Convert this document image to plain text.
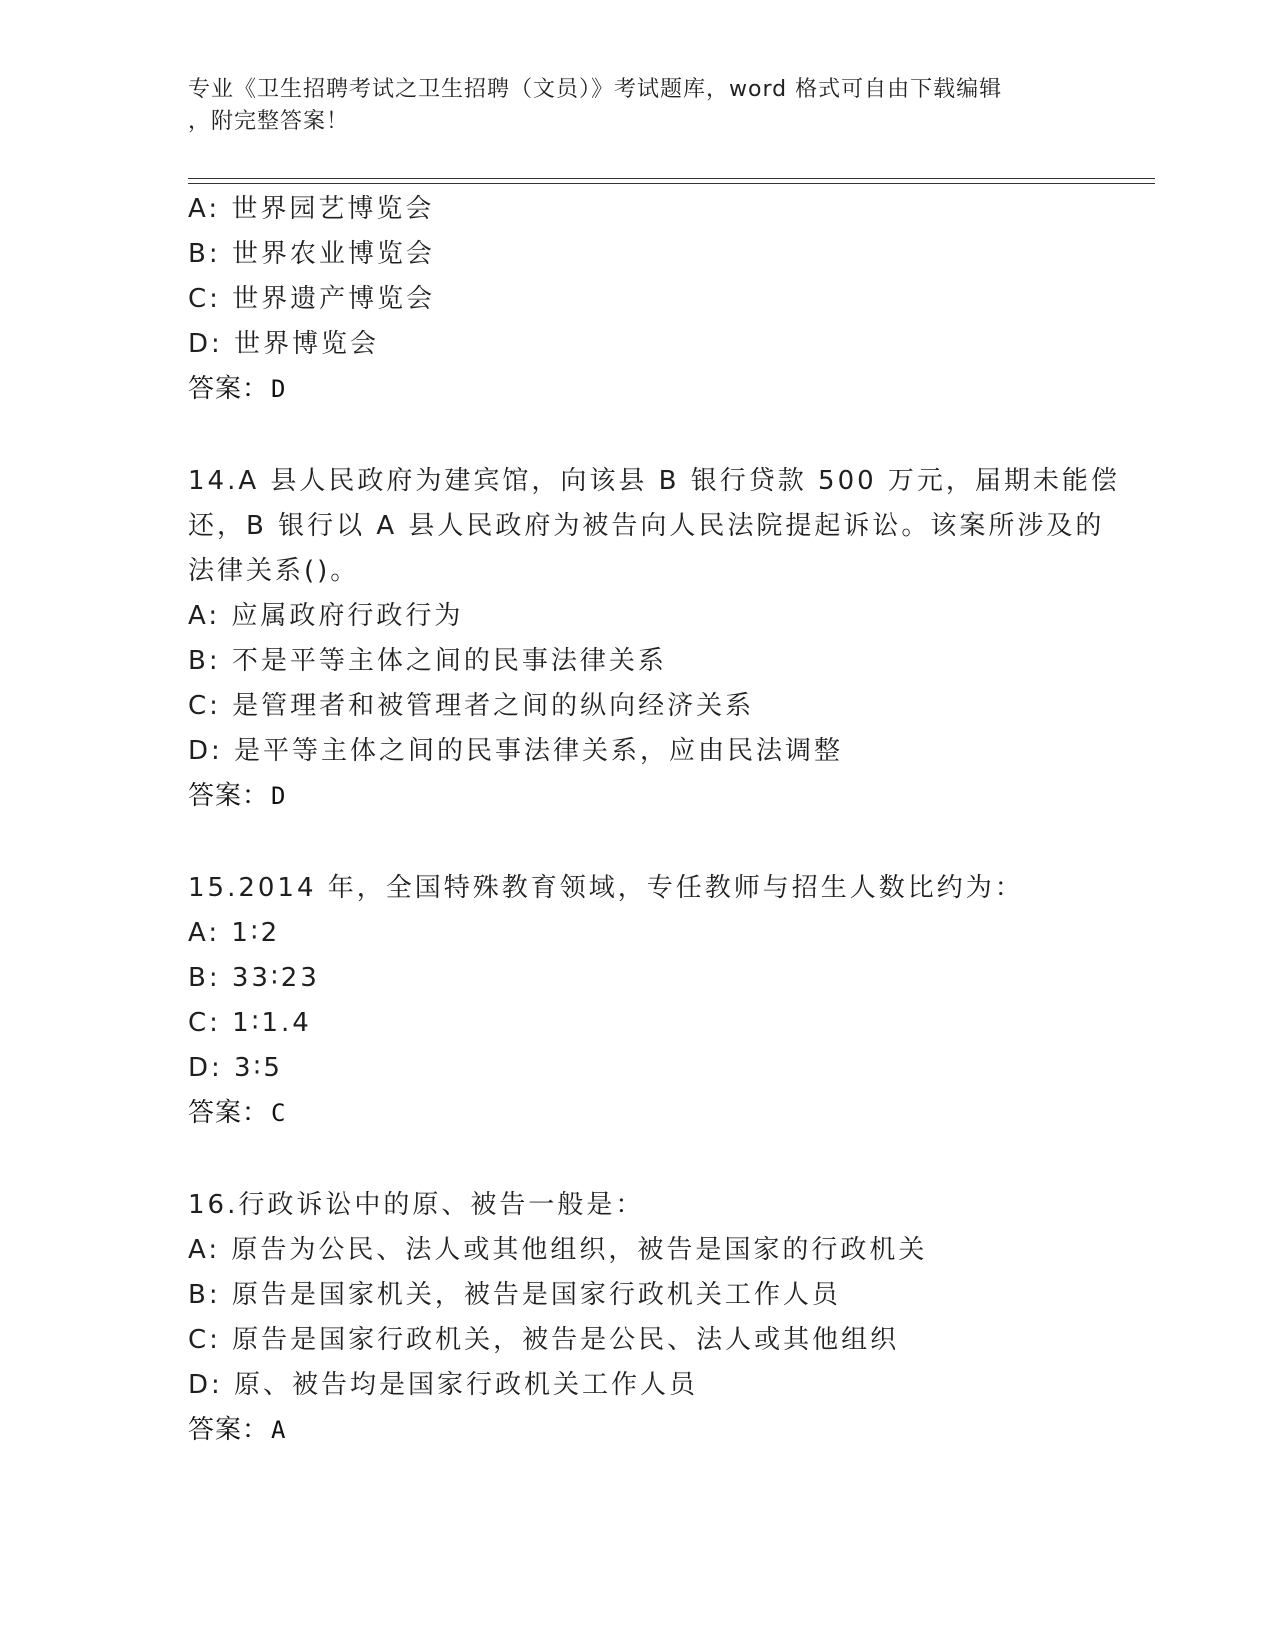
专业《卫生招聘考试之卫生招聘（文员）》考试题库，word 格式可自由下载编辑
，附完整答案！
A: 世界园艺博览会
B: 世界农业博览会
C: 世界遗产博览会
D: 世界博览会
答案：D
14.A 县人民政府为建宾馆，向该县 B 银行贷款 500 万元，届期未能偿
还，B 银行以 A 县人民政府为被告向人民法院提起诉讼。该案所涉及的
法律关系()。
A: 应属政府行政行为
B: 不是平等主体之间的民事法律关系
C: 是管理者和被管理者之间的纵向经济关系
D: 是平等主体之间的民事法律关系，应由民法调整
答案：D
15.2014 年，全国特殊教育领域，专任教师与招生人数比约为：
A: 1∶2
B: 33∶23
C: 1∶1.4
D: 3∶5
答案：C
16.行政诉讼中的原、被告一般是：
A: 原告为公民、法人或其他组织，被告是国家的行政机关
B: 原告是国家机关，被告是国家行政机关工作人员
C: 原告是国家行政机关，被告是公民、法人或其他组织
D: 原、被告均是国家行政机关工作人员
答案：A
